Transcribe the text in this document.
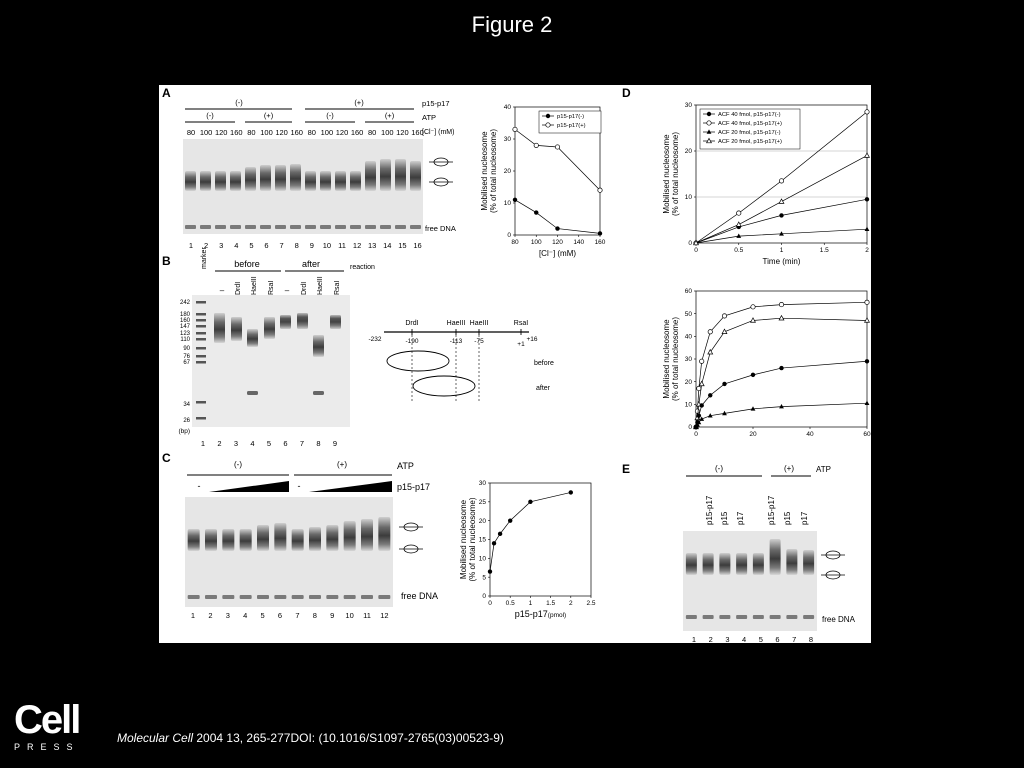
Figure 2
A
(-)	(+)	p15-p17
(-)	(+)	(-)	(+)	ATP
80 100 120 160 80 100 120 160 80 100 120 160 80 100 120 160
[Cl⁻] (mM)
free DNA
1 2 3 4 5 6 7 8 9 10 11 12 13 14 15 16	80 100 120 140 160
0
10
20
30
40
Mobilised nucleosome (% of total nucleosome)
[Cl⁻] (mM)
p15-p17(-)
p15-p17(+)
B	marker	before	after	reaction
– DrdI HaeIII RsaI – DrdI HaeIII RsaI
242
180
160
147
123
110
90
76
67
34
26
(bp)
1 2 3 4 5 6 7 8 9
DrdI	HaeIII HaeIII	RsaI
-232	-190	-113 -75	+1
+16
before
after
C	(-)	(+)	ATP
-	-	p15-p17
free DNA
1 2 3 4 5 6 7 8 9 10 11 12
0 0.5 1 1.5 2 2.5
0
5
10
15
20
25
30
Mobilised nucleosome (% of total nucleosome)
p15-p17(pmol)
D
0	0.5	1	1.5	2
0
10
20
30
Mobilised nucleosome (% of total nucleosome)
Time (min)
ACF 40 fmol, p15-p17(-)
ACF 40 fmol, p15-p17(+)
ACF 20 fmol, p15-p17(-)
ACF 20 fmol, p15-p17(+)
0	20	40	60
0
10
20
30
40
50
60
Mobilised nucleosome (% of total nucleosome)
E	(-)	(+)	ATP
p15-p17 p15 p17	p15-p17 p15 p17
free DNA
1 2 3 4 5 6 7 8
Cell
PRESS
Molecular Cell 2004 13, 265-277DOI: (10.1016/S1097-2765(03)00523-9)
